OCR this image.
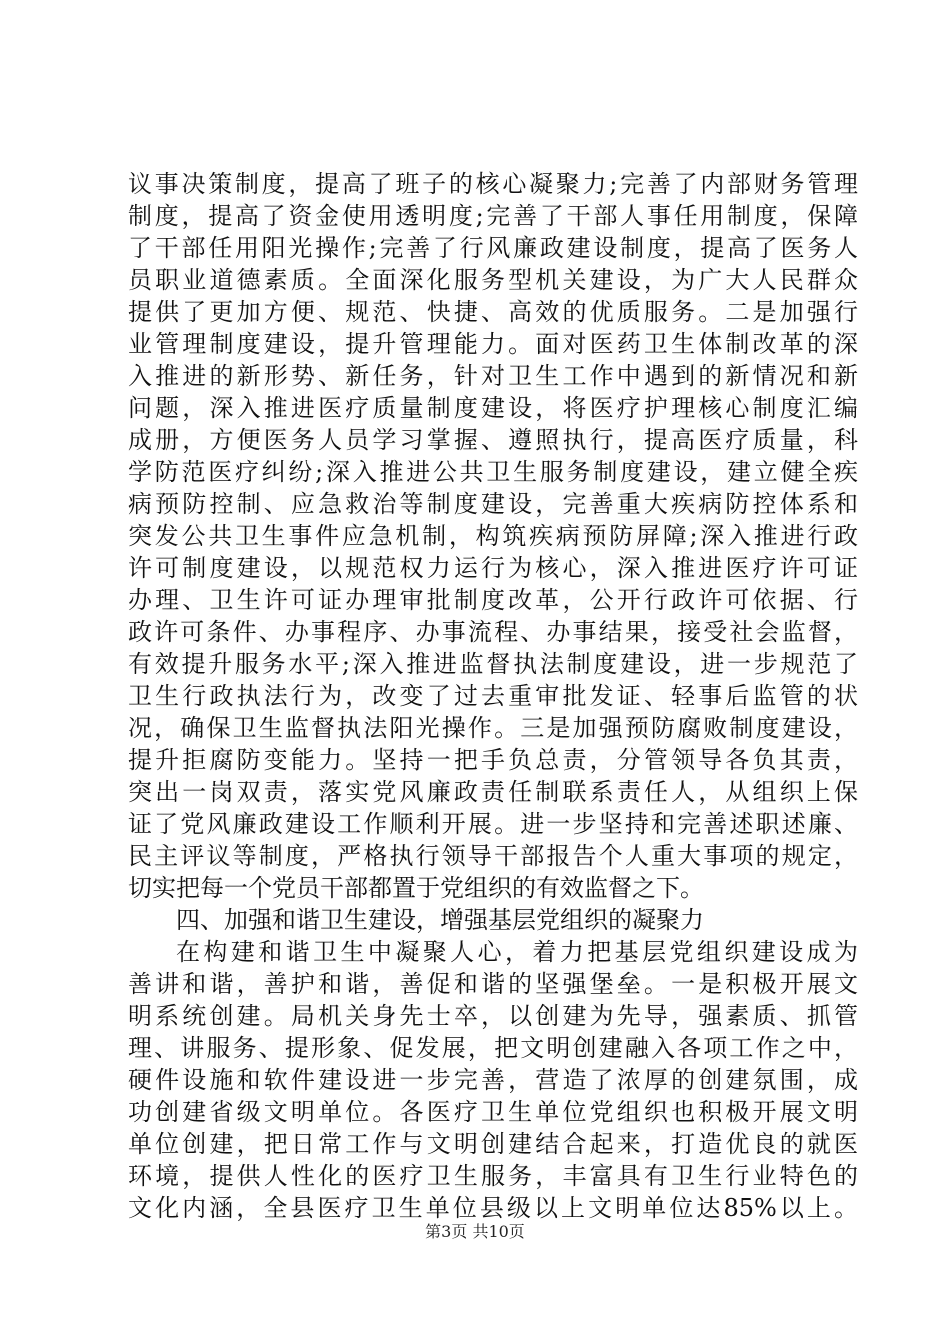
议事决策制度，提高了班子的核心凝聚力;完善了内部财务管理
制度，提高了资金使用透明度;完善了干部人事任用制度，保障
了干部任用阳光操作;完善了行风廉政建设制度，提高了医务人
员职业道德素质。全面深化服务型机关建设，为广大人民群众
提供了更加方便、规范、快捷、高效的优质服务。二是加强行
业管理制度建设，提升管理能力。面对医药卫生体制改革的深
入推进的新形势、新任务，针对卫生工作中遇到的新情况和新
问题，深入推进医疗质量制度建设，将医疗护理核心制度汇编
成册，方便医务人员学习掌握、遵照执行，提高医疗质量，科
学防范医疗纠纷;深入推进公共卫生服务制度建设，建立健全疾
病预防控制、应急救治等制度建设，完善重大疾病防控体系和
突发公共卫生事件应急机制，构筑疾病预防屏障;深入推进行政
许可制度建设，以规范权力运行为核心，深入推进医疗许可证
办理、卫生许可证办理审批制度改革，公开行政许可依据、行
政许可条件、办事程序、办事流程、办事结果，接受社会监督，
有效提升服务水平;深入推进监督执法制度建设，进一步规范了
卫生行政执法行为，改变了过去重审批发证、轻事后监管的状
况，确保卫生监督执法阳光操作。三是加强预防腐败制度建设，
提升拒腐防变能力。坚持一把手负总责，分管领导各负其责，
突出一岗双责，落实党风廉政责任制联系责任人，从组织上保
证了党风廉政建设工作顺利开展。进一步坚持和完善述职述廉、
民主评议等制度，严格执行领导干部报告个人重大事项的规定，
切实把每一个党员干部都置于党组织的有效监督之下。
四、加强和谐卫生建设，增强基层党组织的凝聚力
在构建和谐卫生中凝聚人心，着力把基层党组织建设成为
善讲和谐，善护和谐，善促和谐的坚强堡垒。一是积极开展文
明系统创建。局机关身先士卒，以创建为先导，强素质、抓管
理、讲服务、提形象、促发展，把文明创建融入各项工作之中，
硬件设施和软件建设进一步完善，营造了浓厚的创建氛围，成
功创建省级文明单位。各医疗卫生单位党组织也积极开展文明
单位创建，把日常工作与文明创建结合起来，打造优良的就医
环境，提供人性化的医疗卫生服务，丰富具有卫生行业特色的
文化内涵，全县医疗卫生单位县级以上文明单位达85%以上。
第3页 共10页
